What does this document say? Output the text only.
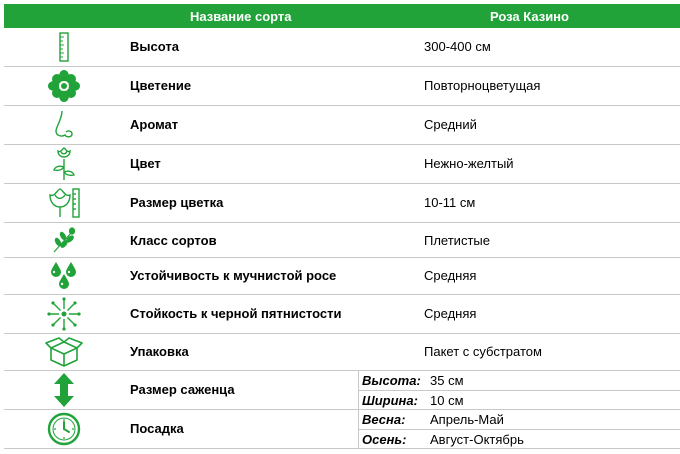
Название сорта	Роза Казино
Высота	300-400 см
Цветение	Повторноцветущая
Аромат	Средний
Цвет	Нежно-желтый
Размер цветка	10-11 см
Класс сортов	Плетистые
Устойчивость к мучнистой росе	Средняя
Стойкость к черной пятнистости	Средняя
Упаковка	Пакет с субстратом
Размер саженца
Высота: 35 см
Ширина: 10 см
Посадка
Весна: Апрель-Май
Осень: Август-Октябрь
